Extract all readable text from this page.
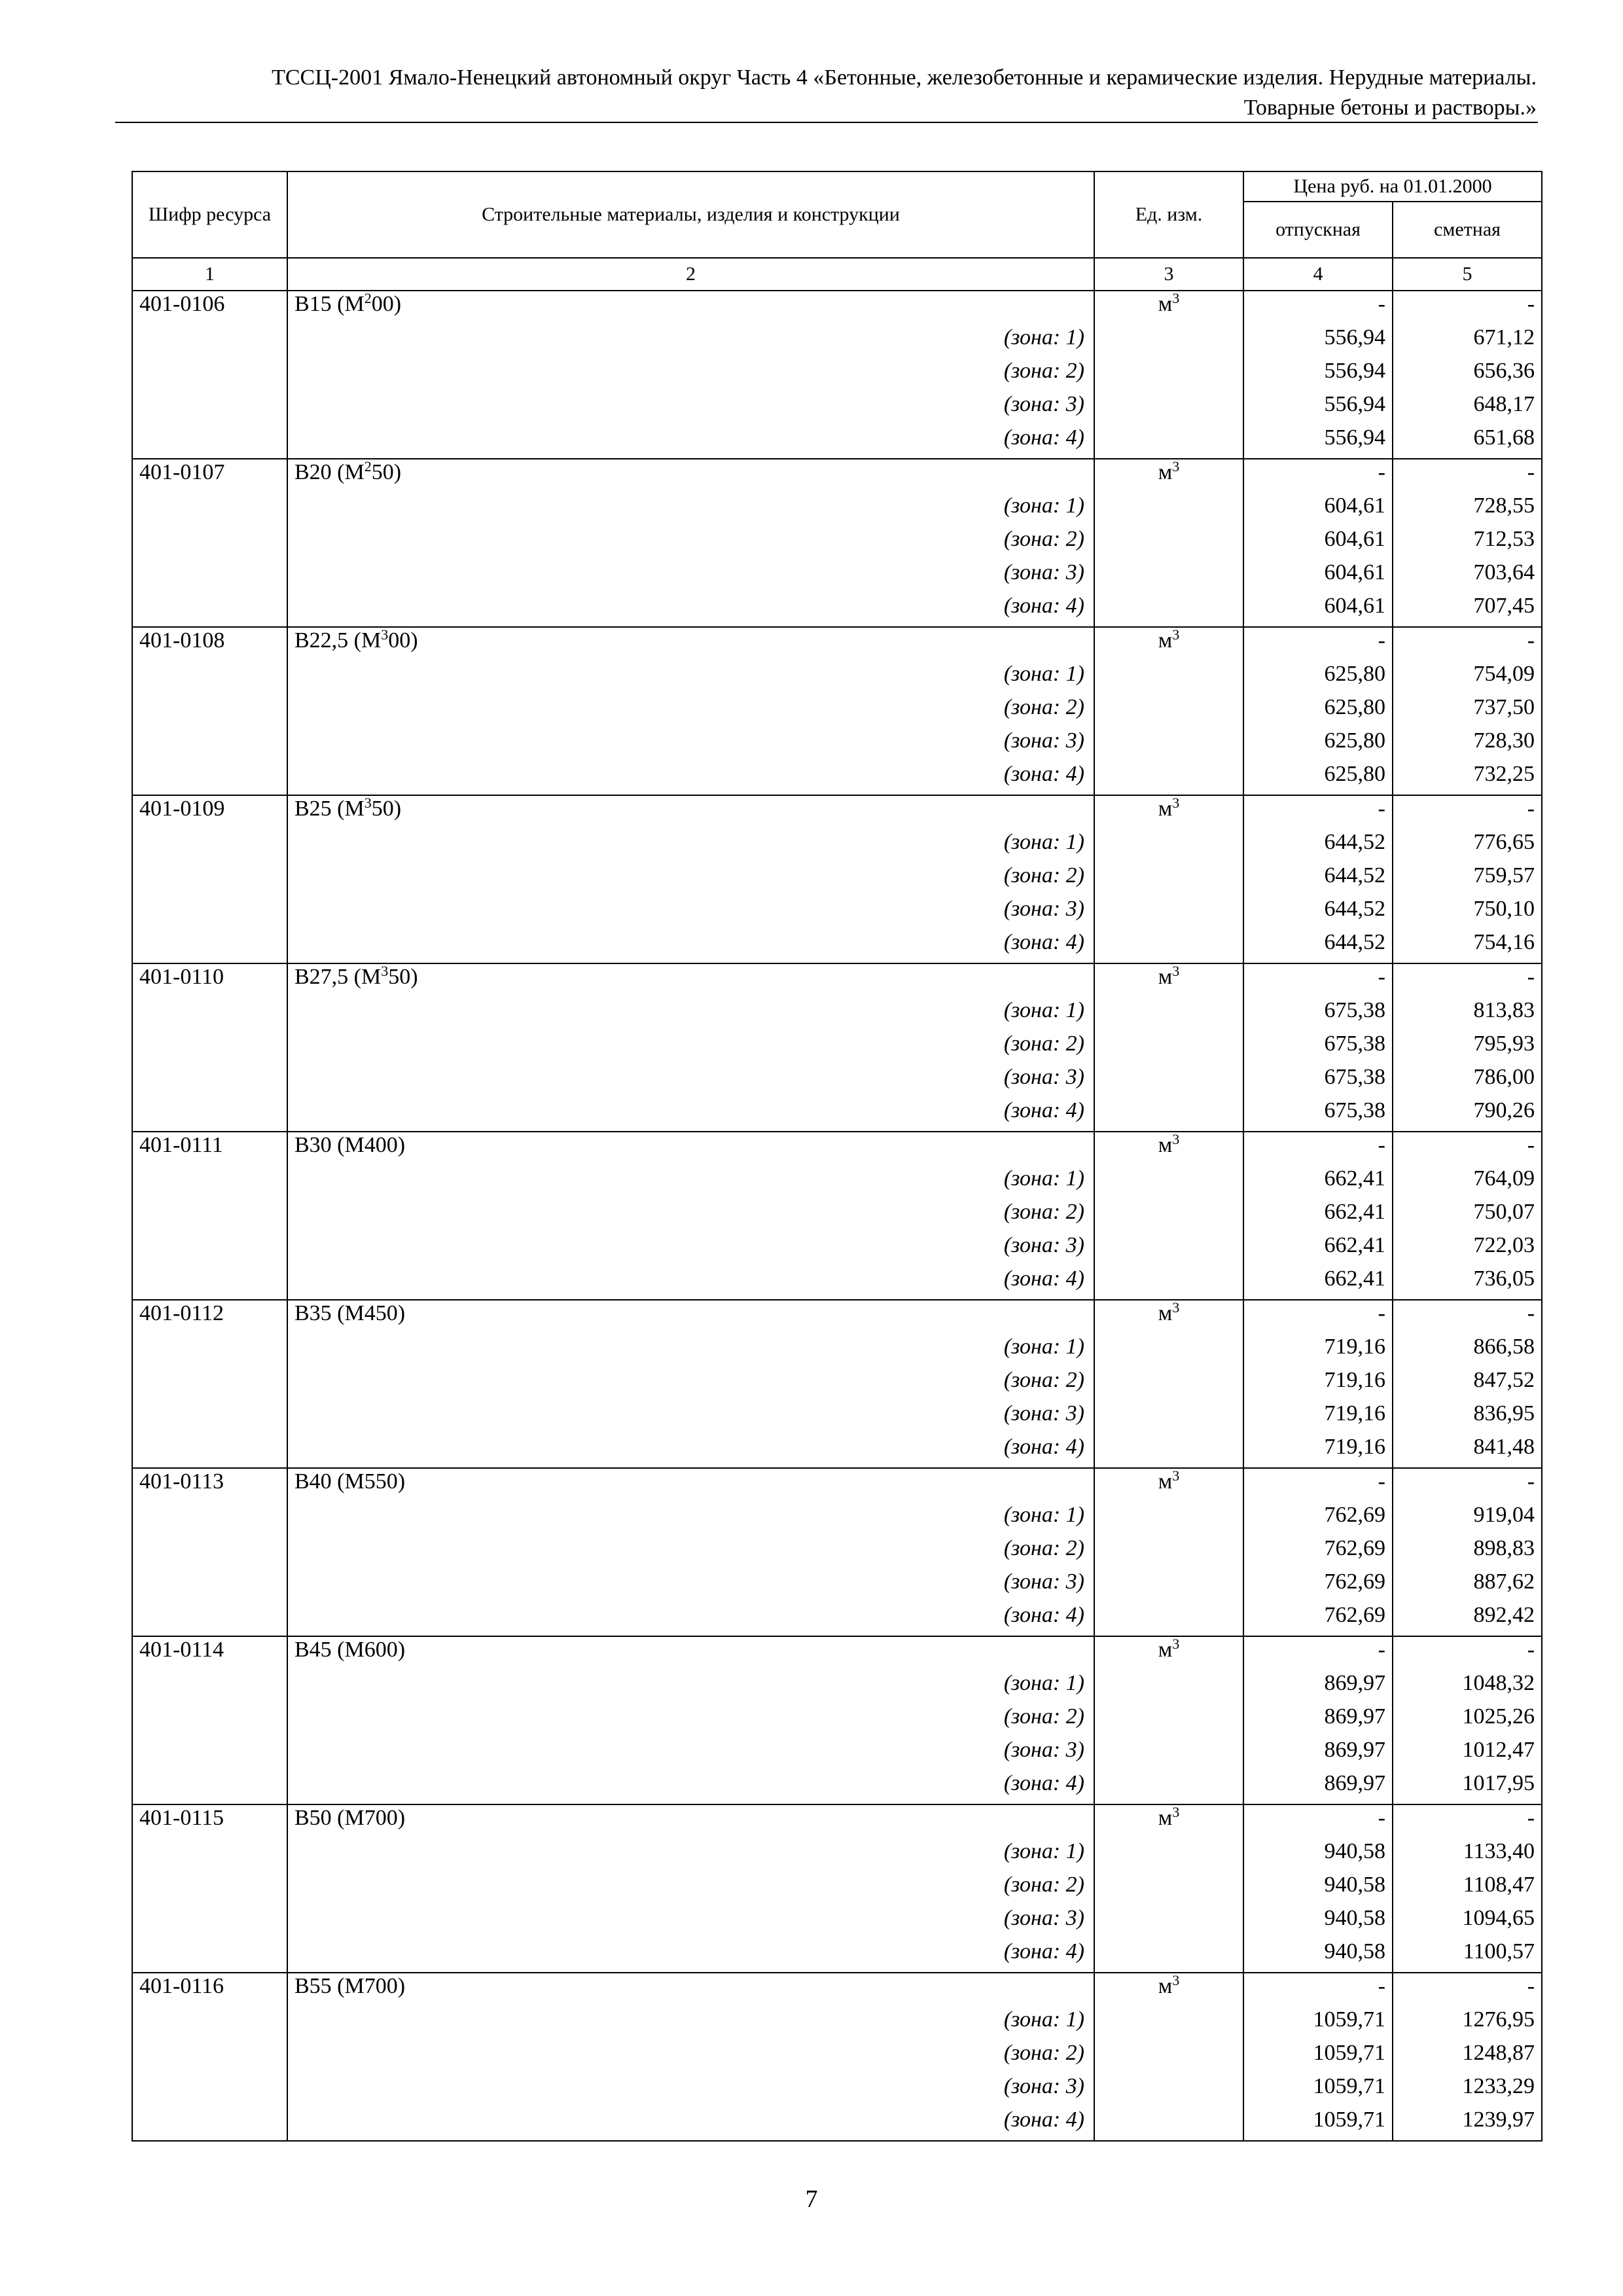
ТССЦ-2001 Ямало-Ненецкий автономный округ Часть 4 «Бетонные, железобетонные и керамические изделия. Нерудные материалы.
Товарные бетоны и растворы.»
Шифр ресурса	Строительные материалы, изделия и конструкции	Ед. изм.	Цена руб. на 01.01.2000	
			отпускная	сметная
1	2	3	4	5
401-0106	В15 $(М^200)$	$м^3$	-	-
	(зона: 1)		556,94	671,12
	(зона: 2)		556,94	656,36
	(зона: 3)		556,94	648,17
	(зона: 4)		556,94	651,68
401-0107	В20 $(М^250)$	$м^3$	-	-
	(зона: 1)		604,61	728,55
	(зона: 2)		604,61	712,53
	(зона: 3)		604,61	703,64
	(зона: 4)		604,61	707,45
401-0108	В22,5 $(М^300)$	$м^3$	-	-
	(зона: 1)		625,80	754,09
	(зона: 2)		625,80	737,50
	(зона: 3)		625,80	728,30
	(зона: 4)		625,80	732,25
401-0109	В25 $(М^350)$	$м^3$	-	-
	(зона: 1)		644,52	776,65
	(зона: 2)		644,52	759,57
	(зона: 3)		644,52	750,10
	(зона: 4)		644,52	754,16
401-0110	В27,5 $(М^350)$	$м^3$	-	-
	(зона: 1)		675,38	813,83
	(зона: 2)		675,38	795,93
	(зона: 3)		675,38	786,00
	(зона: 4)		675,38	790,26
401-0111	В30 (М400)	$м^3$	-	-
	(зона: 1)		662,41	764,09
	(зона: 2)		662,41	750,07
	(зона: 3)		662,41	722,03
	(зона: 4)		662,41	736,05
401-0112	В35 (М450)	$м^3$	-	-
	(зона: 1)		719,16	866,58
	(зона: 2)		719,16	847,52
	(зона: 3)		719,16	836,95
	(зона: 4)		719,16	841,48
401-0113	В40 (М550)	$м^3$	-	-
	(зона: 1)		762,69	919,04
	(зона: 2)		762,69	898,83
	(зона: 3)		762,69	887,62
	(зона: 4)		762,69	892,42
401-0114	В45 (М600)	$м^3$	-	-
	(зона: 1)		869,97	1048,32
	(зона: 2)		869,97	1025,26
	(зона: 3)		869,97	1012,47
	(зона: 4)		869,97	1017,95
401-0115	В50 (М700)	$м^3$	-	-
	(зона: 1)		940,58	1133,40
	(зона: 2)		940,58	1108,47
	(зона: 3)		940,58	1094,65
	(зона: 4)		940,58	1100,57
401-0116	В55 (М700)	$м^3$	-	-
	(зона: 1)		1059,71	1276,95
	(зона: 2)		1059,71	1248,87
	(зона: 3)		1059,71	1233,29
	(зона: 4)		1059,71	1239,97
7
